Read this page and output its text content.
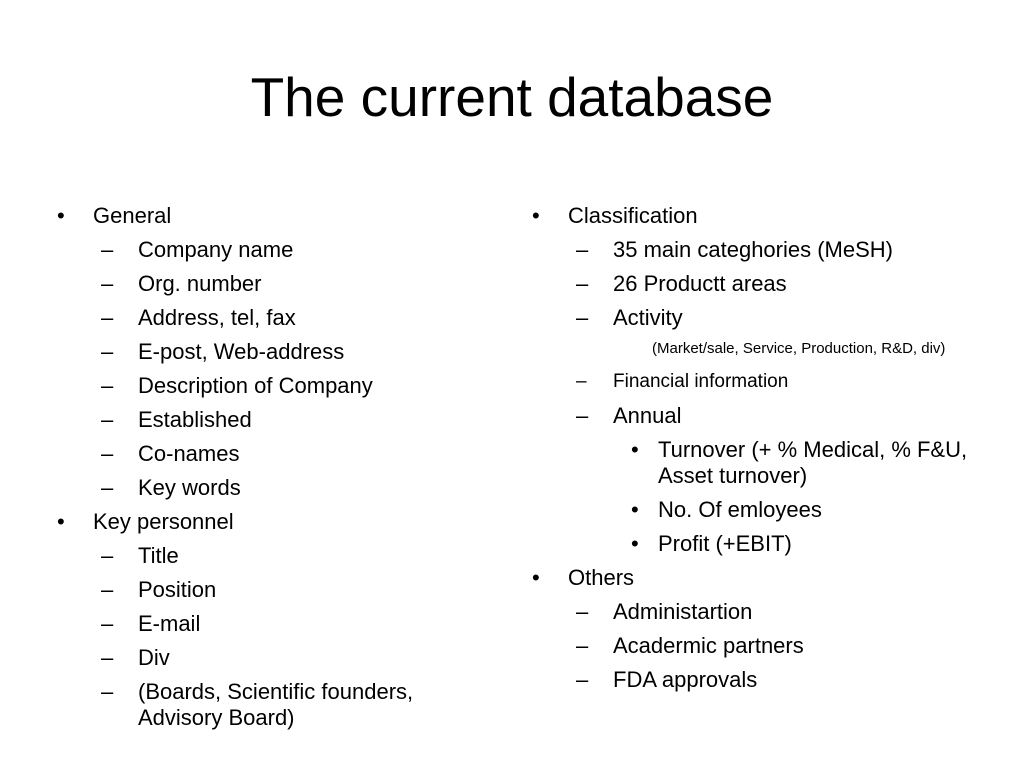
The current database
• General
– Company name
– Org. number
– Address, tel, fax
– E-post, Web-address
– Description of Company
– Established
– Co-names
– Key words
• Key personnel
– Title
– Position
– E-mail
– Div
– (Boards, Scientific founders, Advisory Board)
• Classification
– 35 main categhories (MeSH)
– 26 Productt areas
– Activity
(Market/sale, Service, Production, R&D, div)
– Financial information
– Annual
• Turnover (+ % Medical, % F&U, Asset turnover)
• No. Of emloyees
• Profit (+EBIT)
• Others
– Administartion
– Acadermic partners
– FDA approvals
